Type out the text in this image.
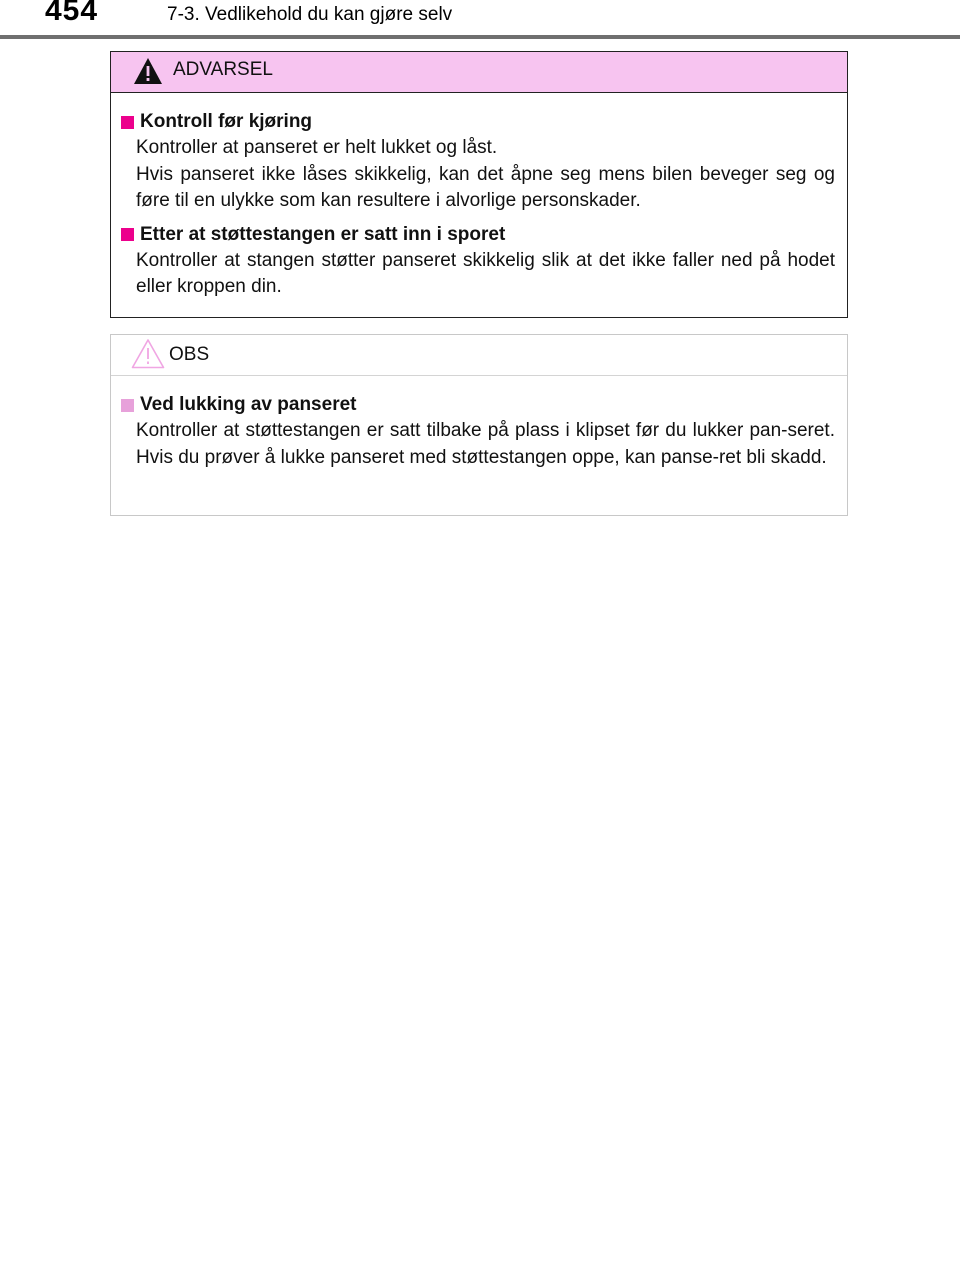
454	7-3. Vedlikehold du kan gjøre selv
ADVARSEL
Kontroll før kjøring
Kontroller at panseret er helt lukket og låst.
Hvis panseret ikke låses skikkelig, kan det åpne seg mens bilen beveger seg og føre til en ulykke som kan resultere i alvorlige personskader.
Etter at støttestangen er satt inn i sporet
Kontroller at stangen støtter panseret skikkelig slik at det ikke faller ned på hodet eller kroppen din.
OBS
Ved lukking av panseret
Kontroller at støttestangen er satt tilbake på plass i klipset før du lukker pan-seret. Hvis du prøver å lukke panseret med støttestangen oppe, kan panse-ret bli skadd.
